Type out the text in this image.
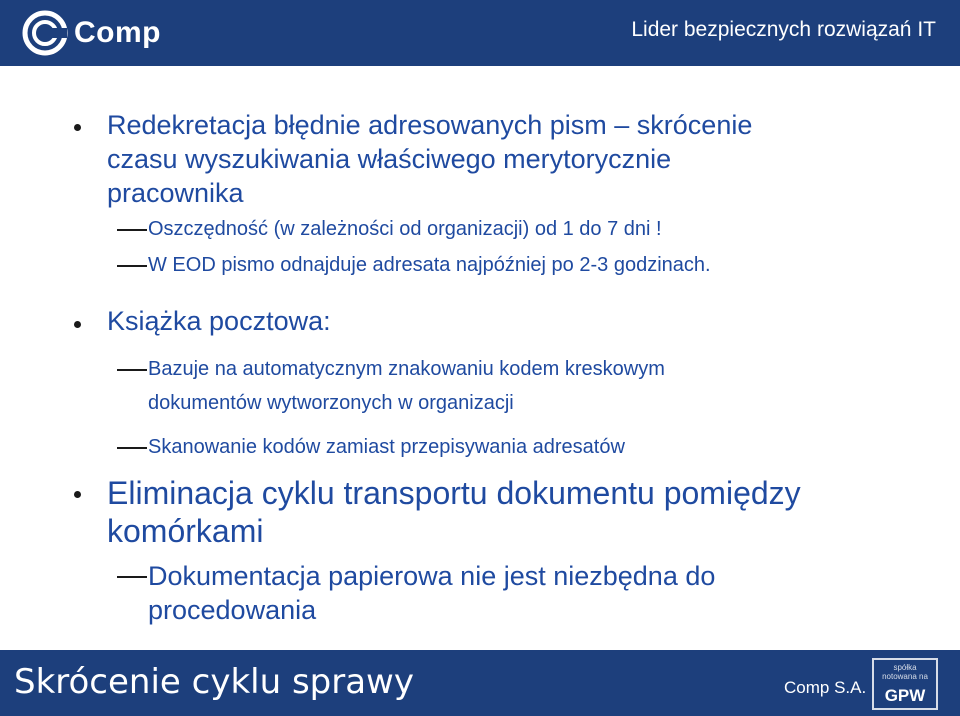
Comp	Lider bezpiecznych rozwiązań IT
Redekretacja błędnie adresowanych pism – skrócenie
czasu wyszukiwania właściwego merytorycznie
pracownika
Oszczędność (w zależności od organizacji) od 1 do 7 dni !
W EOD pismo odnajduje adresata najpóźniej po 2-3 godzinach.
Książka pocztowa:
Bazuje na automatycznym znakowaniu kodem kreskowym
dokumentów wytworzonych w organizacji
Skanowanie kodów zamiast przepisywania adresatów
Eliminacja cyklu transportu dokumentu pomiędzy
komórkami
Dokumentacja papierowa nie jest niezbędna do
procedowania
Skrócenie cyklu sprawy	Comp S.A.
spółka
notowana na
GPW
